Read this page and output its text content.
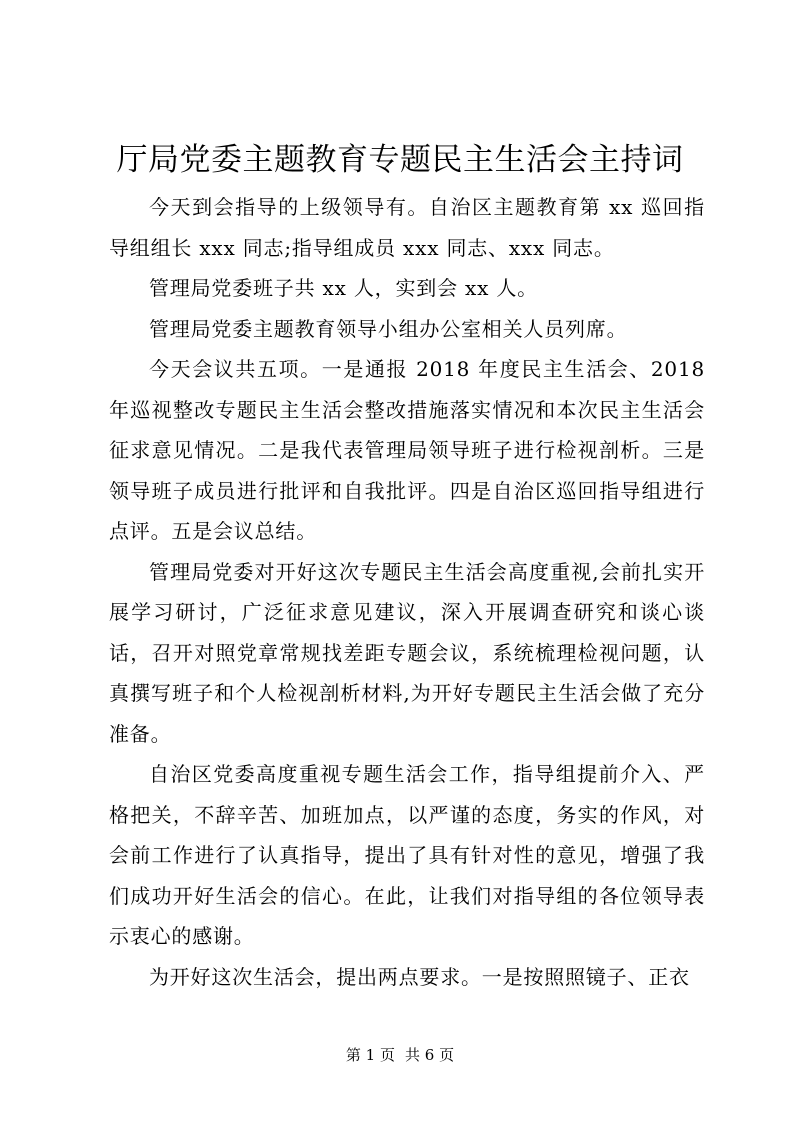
厅局党委主题教育专题民主生活会主持词

今天到会指导的上级领导有。自治区主题教育第 xx 巡回指导组组长 xxx 同志;指导组成员 xxx 同志、xxx 同志。

管理局党委班子共 xx 人，实到会 xx 人。

管理局党委主题教育领导小组办公室相关人员列席。

今天会议共五项。一是通报 2018 年度民主生活会、2018 年巡视整改专题民主生活会整改措施落实情况和本次民主生活会征求意见情况。二是我代表管理局领导班子进行检视剖析。三是领导班子成员进行批评和自我批评。四是自治区巡回指导组进行点评。五是会议总结。

管理局党委对开好这次专题民主生活会高度重视,会前扎实开展学习研讨，广泛征求意见建议，深入开展调查研究和谈心谈话，召开对照党章常规找差距专题会议，系统梳理检视问题，认真撰写班子和个人检视剖析材料,为开好专题民主生活会做了充分准备。

自治区党委高度重视专题生活会工作，指导组提前介入、严格把关，不辞辛苦、加班加点，以严谨的态度，务实的作风，对会前工作进行了认真指导，提出了具有针对性的意见，增强了我们成功开好生活会的信心。在此，让我们对指导组的各位领导表示衷心的感谢。

为开好这次生活会，提出两点要求。一是按照照镜子、正衣

第 1 页 共 6 页
